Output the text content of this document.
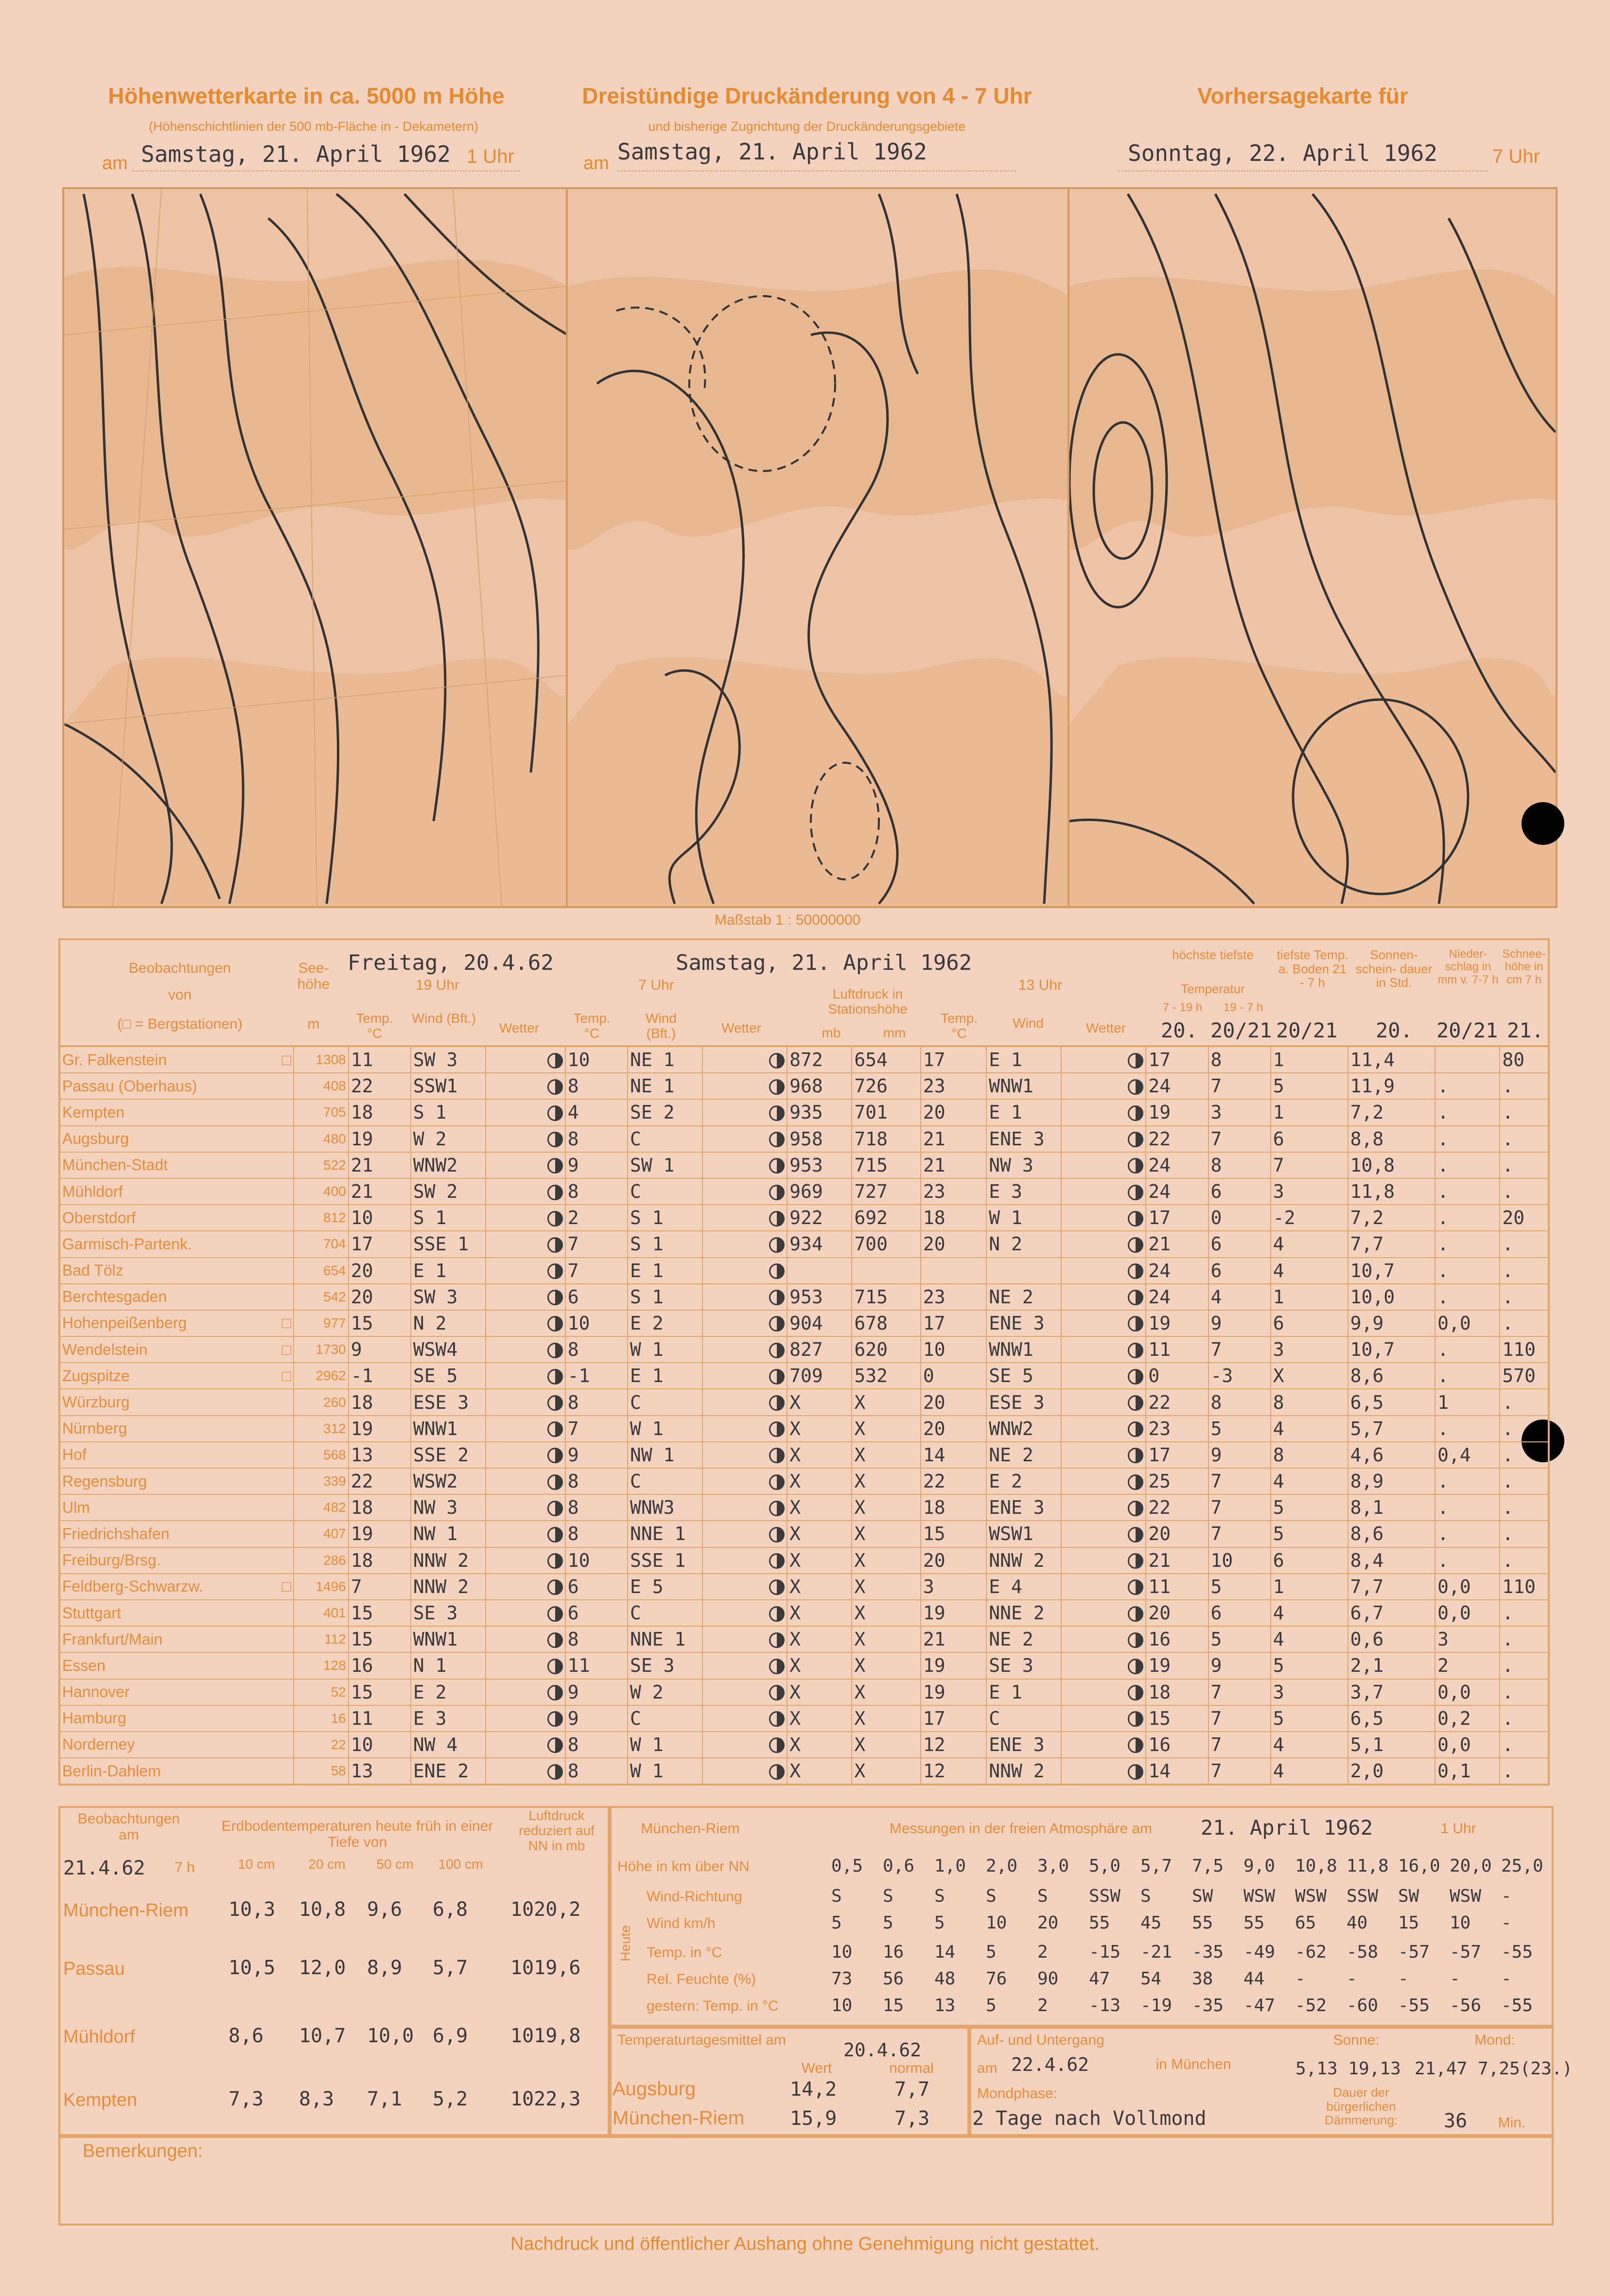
Höhenwetterkarte in ca. 5000 m Höhe
(Höhenschichtlinien der 500 mb-Fläche in - Dekametern)
am Samstag, 21. April 1962 1 Uhr
Dreistündige Druckänderung von 4 - 7 Uhr
und bisherige Zugrichtung der Druckänderungsgebiete
am Samstag, 21. April 1962
Vorhersagekarte für
Sonntag, 22. April 1962	7 Uhr
Maßstab 1 : 50000000
Beobachtungen
von
(□ = Bergstationen)
See- höhe
m
Freitag, 20.4.62
19 Uhr
Samstag, 21. April 1962
7 Uhr	13 Uhr
Luftdruck in Stationshöhe
Temp. °C
Wind (Bft.)
Wetter
Temp. °C
Wind (Bft.)	Wetter	mb	mm
Temp. °C
Wind	Wetter
höchste tiefste
Temperatur
7 - 19 h	19 - 7 h
tiefste Temp. a. Boden 21 - 7 h
Sonnen- schein- dauer in Std.
Nieder- schlag in mm v. 7-7 h
Schnee- höhe in cm 7 h
20. 20/21 20/21 20. 20/21 21.
Gr. Falkenstein □	1308	11	SW 3		10	NE 1		872	654	17	E 1		17	8	1	11,4		80
Passau (Oberhaus)	408	22	SSW1		8	NE 1		968	726	23	WNW1		24	7	5	11,9	.	.
Kempten	705	18	S 1		4	SE 2		935	701	20	E 1		19	3	1	7,2	.	.
Augsburg	480	19	W 2		8	C		958	718	21	ENE 3		22	7	6	8,8	.	.
München-Stadt	522	21	WNW2		9	SW 1		953	715	21	NW 3		24	8	7	10,8	.	.
Mühldorf	400	21	SW 2		8	C		969	727	23	E 3		24	6	3	11,8	.	.
Oberstdorf	812	10	S 1		2	S 1		922	692	18	W 1		17	0	-2	7,2	.	20
Garmisch-Partenk.	704	17	SSE 1		7	S 1		934	700	20	N 2		21	6	4	7,7	.	.
Bad Tölz	654	20	E 1		7	E 1							24	6	4	10,7	.	.
Berchtesgaden	542	20	SW 3		6	S 1		953	715	23	NE 2		24	4	1	10,0	.	.
Hohenpeißenberg □	977	15	N 2		10	E 2		904	678	17	ENE 3		19	9	6	9,9	0,0	.
Wendelstein □	1730	9	WSW4		8	W 1		827	620	10	WNW1		11	7	3	10,7	.	110
Zugspitze □	2962	-1	SE 5		-1	E 1		709	532	0	SE 5		0	-3	X	8,6	.	570
Würzburg	260	18	ESE 3		8	C		X	X	20	ESE 3		22	8	8	6,5	1	.
Nürnberg	312	19	WNW1		7	W 1		X	X	20	WNW2		23	5	4	5,7	.	.
Hof	568	13	SSE 2		9	NW 1		X	X	14	NE 2		17	9	8	4,6	0,4	.
Regensburg	339	22	WSW2		8	C		X	X	22	E 2		25	7	4	8,9	.	.
Ulm	482	18	NW 3		8	WNW3		X	X	18	ENE 3		22	7	5	8,1	.	.
Friedrichshafen	407	19	NW 1		8	NNE 1		X	X	15	WSW1		20	7	5	8,6	.	.
Freiburg/Brsg.	286	18	NNW 2		10	SSE 1		X	X	20	NNW 2		21	10	6	8,4	.	.
Feldberg-Schwarzw. □	1496	7	NNW 2		6	E 5		X	X	3	E 4		11	5	1	7,7	0,0	110
Stuttgart	401	15	SE 3		6	C		X	X	19	NNE 2		20	6	4	6,7	0,0	.
Frankfurt/Main	112	15	WNW1		8	NNE 1		X	X	21	NE 2		16	5	4	0,6	3	.
Essen	128	16	N 1		11	SE 3		X	X	19	SE 3		19	9	5	2,1	2	.
Hannover	52	15	E 2		9	W 2		X	X	19	E 1		18	7	3	3,7	0,0	.
Hamburg	16	11	E 3		9	C		X	X	17	C		15	7	5	6,5	0,2	.
Norderney	22	10	NW 4		8	W 1		X	X	12	ENE 3		16	7	4	5,1	0,0	.
Berlin-Dahlem	58	13	ENE 2		8	W 1		X	X	12	NNW 2		14	7	4	2,0	0,1	.
Beobachtungen am
21.4.62	7 h
Erdbodentemperaturen heute früh in einer Tiefe von
Luftdruck reduziert auf NN in mb
10 cm	20 cm	50 cm	100 cm
München-Riem	10,3 10,8 9,6 6,8 1020,2
Passau	10,5 12,0 8,9 5,7 1019,6
Mühldorf	8,6 10,7 10,0 6,9 1019,8
Kempten	7,3 8,3 7,1 5,2 1022,3
München-Riem	Messungen in der freien Atmosphäre am	21. April 1962	1 Uhr
Höhe in km über NN
Heute
0,5 0,6 1,0 2,0 3,0 5,0 5,7 7,5 9,0 10,8 11,8 16,0 20,0 25,0
Wind-Richtung	S S S S S SSW S SW WSW WSW SSW SW WSW -
Wind km/h	5 5 5 10 20 55 45 55 55 65 40 15 10 -
Temp. in °C	10 16 14 5 2 -15 -21 -35 -49 -62 -58 -57 -57 -55
Rel. Feuchte (%)	73 56 48 76 90 47 54 38 44 - - - - -
gestern: Temp. in °C	10 15 13 5 2 -13 -19 -35 -47 -52 -60 -55 -56 -55
Temperaturtagesmittel am	20.4.62
Wert	normal
Augsburg	14,2	7,7
München-Riem	15,9	7,3
Auf- und Untergang
am 22.4.62	in München
Sonne:
5,13 19,13
Mond:
21,47 7,25(23.)
Mondphase:
2 Tage nach Vollmond
Dauer der bürgerlichen Dämmerung:	36	Min.
Bemerkungen:
Nachdruck und öffentlicher Aushang ohne Genehmigung nicht gestattet.
